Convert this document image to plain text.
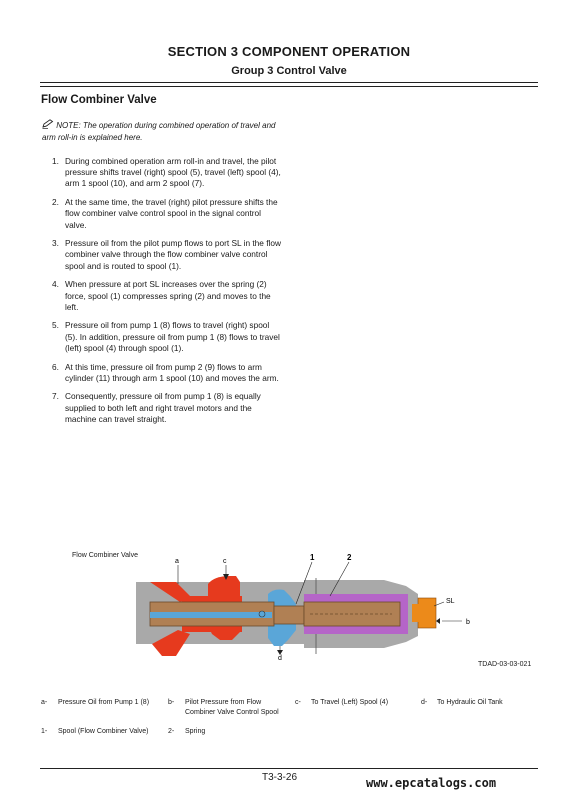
SECTION 3 COMPONENT OPERATION
Group 3 Control Valve
Flow Combiner Valve
NOTE: The operation during combined operation of travel and arm roll-in is explained here.
1. During combined operation arm roll-in and travel, the pilot pressure shifts travel (right) spool (5), travel (left) spool (4), arm 1 spool (10), and arm 2 spool (7).
2. At the same time, the travel (right) pilot pressure shifts the flow combiner valve control spool in the signal control valve.
3. Pressure oil from the pilot pump flows to port SL in the flow combiner valve through the flow combiner valve control spool and is routed to spool (1).
4. When pressure at port SL increases over the spring (2) force, spool (1) compresses spring (2) and moves to the left.
5. Pressure oil from pump 1 (8) flows to travel (right) spool (5). In addition, pressure oil from pump 1 (8) flows to travel (left) spool (4) through spool (1).
6. At this time, pressure oil from pump 2 (9) flows to arm cylinder (11) through arm 1 spool (10) and moves the arm.
7. Consequently, pressure oil from pump 1 (8) is equally supplied to both left and right travel motors and the machine can travel straight.
Flow Combiner Valve
a	c	1	2
SL
b
d
TDAD-03-03-021
a- Pressure Oil from Pump 1 (8)	b- Pilot Pressure from Flow Combiner Valve Control Spool
c- To Travel (Left) Spool (4)	d- To Hydraulic Oil Tank
1- Spool (Flow Combiner Valve)	2- Spring
T3-3-26	www.epcatalogs.com
